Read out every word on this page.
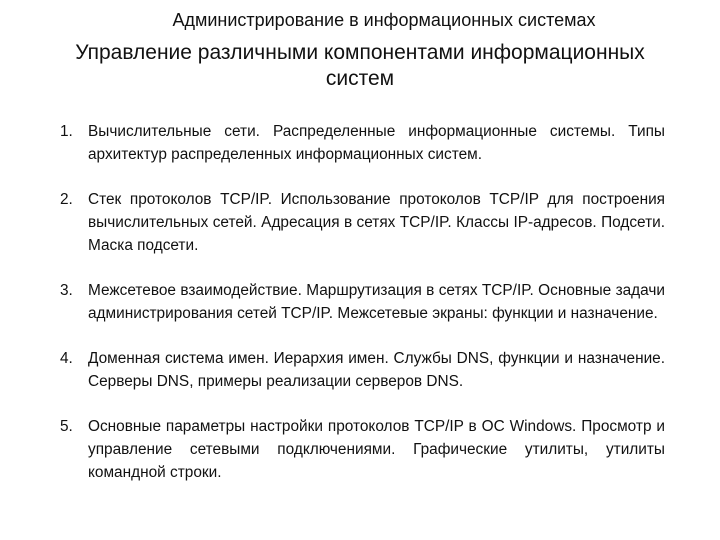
Администрирование в информационных системах
Управление различными компонентами информационных систем
1. Вычислительные сети. Распределенные информационные системы. Типы архитектур распределенных информационных систем.
2. Стек протоколов TCP/IP. Использование протоколов TCP/IP для построения вычислительных сетей. Адресация в сетях TCP/IP. Классы IP-адресов. Подсети. Маска подсети.
3. Межсетевое взаимодействие. Маршрутизация в сетях TCP/IP. Основные задачи администрирования сетей TCP/IP. Межсетевые экраны: функции и назначение.
4. Доменная система имен. Иерархия имен. Службы DNS, функции и назначение. Серверы DNS, примеры реализации серверов DNS.
5. Основные параметры настройки протоколов TCP/IP в ОС Windows. Просмотр и управление сетевыми подключениями. Графические утилиты, утилиты командной строки.
